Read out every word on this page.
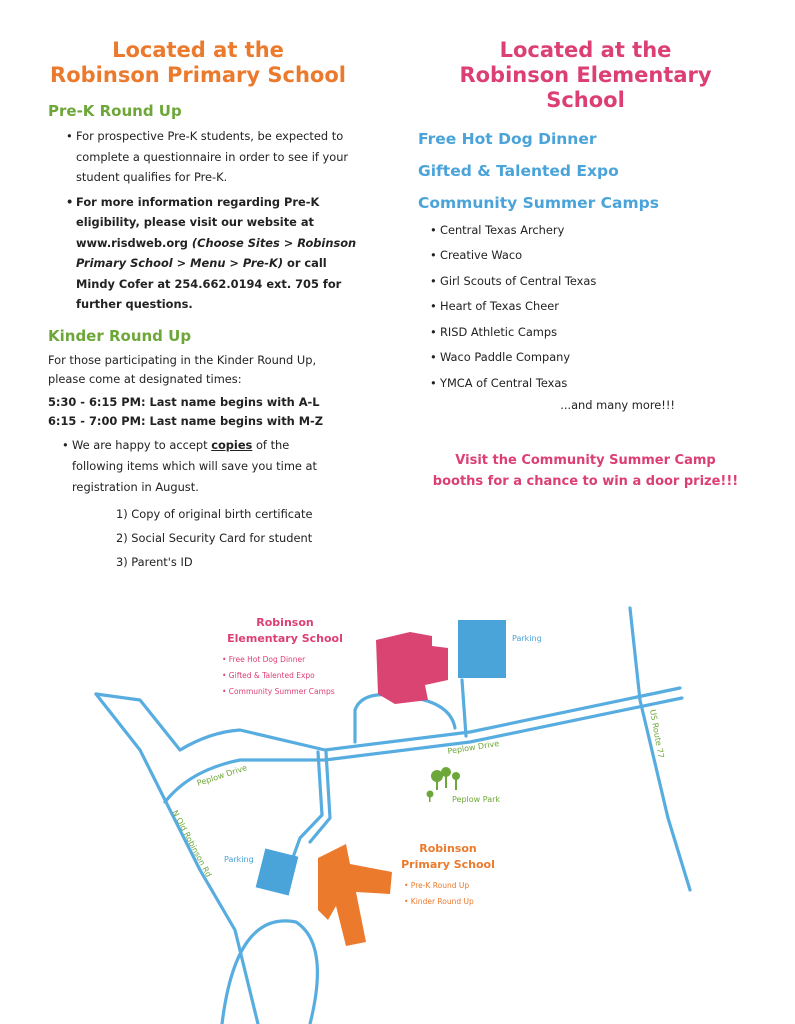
Located at the
Robinson Primary School
Pre-K Round Up
• For prospective Pre-K students, be expected to complete a questionnaire in order to see if your student qualifies for Pre-K.
• For more information regarding Pre-K eligibility, please visit our website at www.risdweb.org (Choose Sites > Robinson Primary School > Menu > Pre-K) or call Mindy Cofer at 254.662.0194 ext. 705 for further questions.
Kinder Round Up

For those participating in the Kinder Round Up, please come at designated times:

5:30 - 6:15 PM: Last name begins with A-L
6:15 - 7:00 PM: Last name begins with M-Z
• We are happy to accept copies of the following items which will save you time at registration in August.
1) Copy of original birth certificate
2) Social Security Card for student
3) Parent's ID
Located at the
Robinson Elementary School
Free Hot Dog Dinner
Gifted & Talented Expo
Community Summer Camps
• Central Texas Archery
• Creative Waco
• Girl Scouts of Central Texas
• Heart of Texas Cheer
• RISD Athletic Camps
• Waco Paddle Company
• YMCA of Central Texas
...and many more!!!
Visit the Community Summer Camp
booths for a chance to win a door prize!!!
Robinson
Elementary School
• Free Hot Dog Dinner
• Gifted & Talented Expo
• Community Summer Camps
Parking
Parking
Peplow Drive
Peplow Drive
Peplow Park
US Route 77
N Old Robinson Rd	Robinson
Primary School
• Pre-K Round Up
• Kinder Round Up
